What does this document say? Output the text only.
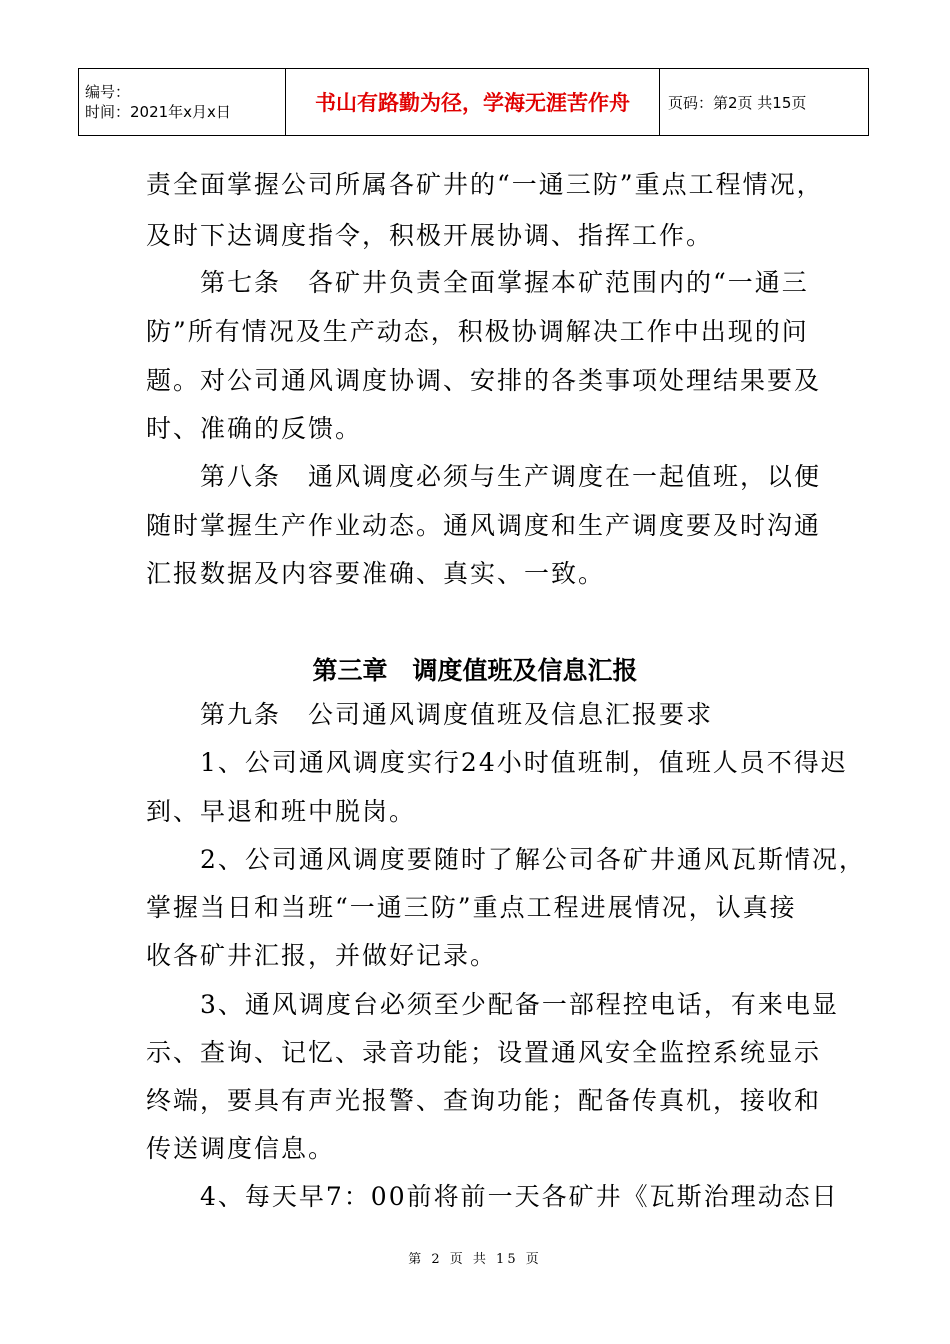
编号：
时间：2021年x月x日	书山有路勤为径，学海无涯苦作舟	页码：第2页 共15页
责全面掌握公司所属各矿井的“一通三防”重点工程情况，
及时下达调度指令，积极开展协调、指挥工作。
　　第七条　各矿井负责全面掌握本矿范围内的“一通三
防”所有情况及生产动态，积极协调解决工作中出现的问
题。对公司通风调度协调、安排的各类事项处理结果要及
时、准确的反馈。
　　第八条　通风调度必须与生产调度在一起值班，以便
随时掌握生产作业动态。通风调度和生产调度要及时沟通
汇报数据及内容要准确、真实、一致。
第三章　调度值班及信息汇报
　　第九条　公司通风调度值班及信息汇报要求
　　1、公司通风调度实行24小时值班制，值班人员不得迟
到、早退和班中脱岗。
　　2、公司通风调度要随时了解公司各矿井通风瓦斯情况，
掌握当日和当班“一通三防”重点工程进展情况，认真接
收各矿井汇报，并做好记录。
　　3、通风调度台必须至少配备一部程控电话，有来电显
示、查询、记忆、录音功能；设置通风安全监控系统显示
终端，要具有声光报警、查询功能；配备传真机，接收和
传送调度信息。
　　4、每天早7：00前将前一天各矿井《瓦斯治理动态日
第 2 页 共 15 页
